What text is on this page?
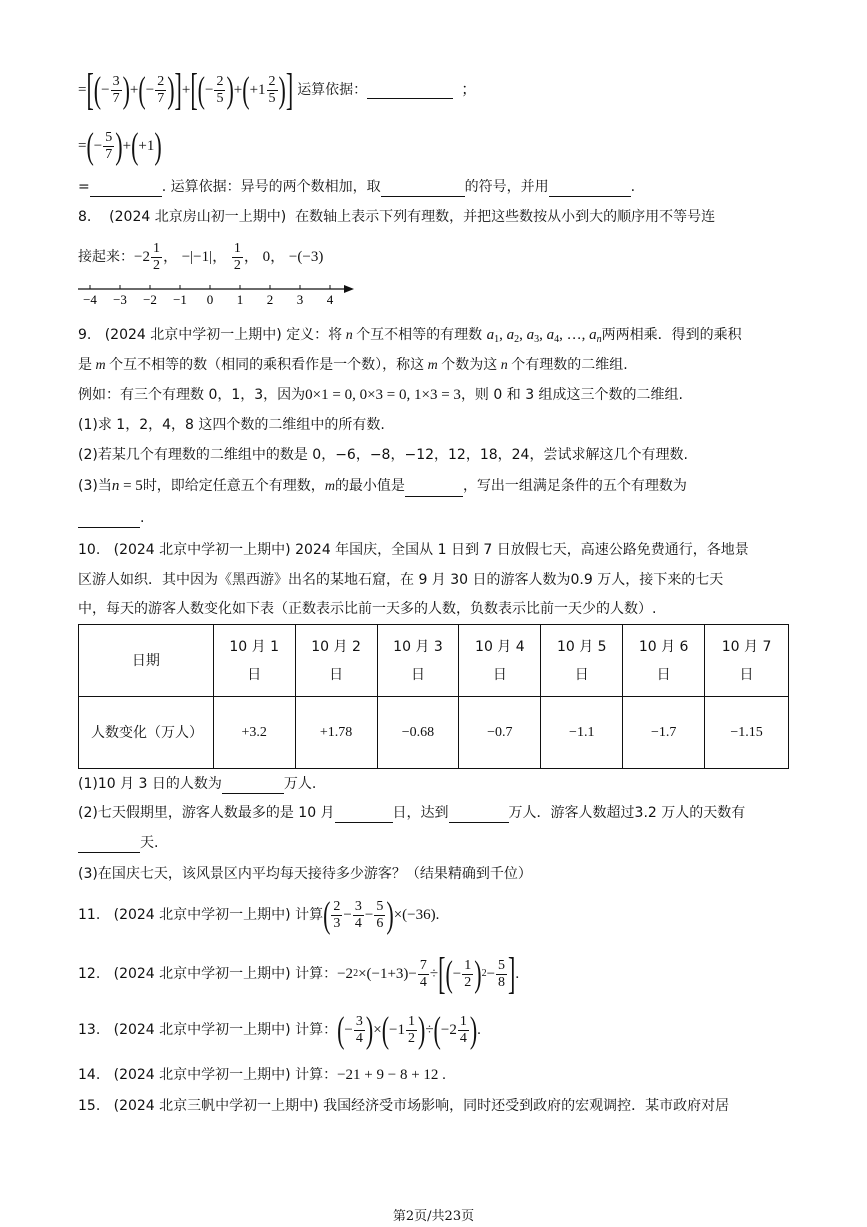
= [ ( − $\frac{3}{7}$ ) + ( − $\frac{2}{7}$ ) ] + [ ( − $\frac{2}{5}$ ) + ( $+1 \frac{2}{5}$ ) ] 运算依据：	；
= ( − $\frac{5}{7}$ ) + ( +1 )
=	. 运算依据：异号的两个数相加，取	的符号，并用	.
8. (2024 北京房山初一上期中) 在数轴上表示下列有理数，并把这些数按从小到大的顺序用不等号连
接起来： $-2 \frac{1}{2}$ ， −|−1|， $\frac{1}{2}$ ， 0， −(−3)
−4 −3 −2 −1 0 1 2 3 4
9. (2024 北京中学初一上期中) 定义：将 n 个互不相等的有理数 $a_1$, $a_2$, $a_3$, $a_4$, …, $a_n$两两相乘．得到的乘积
是 m 个互不相等的数（相同的乘积看作是一个数），称这 m 个数为这 n 个有理数的二维组.
例如：有三个有理数 0，1，3，因为0×1 = 0, 0×3 = 0, 1×3 = 3，则 0 和 3 组成这三个数的二维组.
(1)求 1，2，4，8 这四个数的二维组中的所有数.
(2)若某几个有理数的二维组中的数是 0，−6，−8，−12，12，18，24，尝试求解这几个有理数.
(3)当n = 5时，即给定任意五个有理数，m的最小值是	，写出一组满足条件的五个有理数为
.
10. (2024 北京中学初一上期中) 2024 年国庆，全国从 1 日到 7 日放假七天，高速公路免费通行，各地景
区游人如织．其中因为《黑西游》出名的某地石窟，在 9 月 30 日的游客人数为0.9 万人，接下来的七天
中，每天的游客人数变化如下表（正数表示比前一天多的人数，负数表示比前一天少的人数）.
日期	10 月 1 日	10 月 2 日	10 月 3 日	10 月 4 日	10 月 5 日	10 月 6 日	10 月 7 日
人数变化（万人）	+3.2	+1.78	−0.68	−0.7	−1.1	−1.7	−1.15
(1)10 月 3 日的人数为	万人.
(2)七天假期里，游客人数最多的是 10 月	日，达到	万人．游客人数超过3.2 万人的天数有
天.
(3)在国庆七天，该风景区内平均每天接待多少游客？（结果精确到千位）
11.
(2024 北京中学初一上期中)
计算 ( $\frac{2}{3} - \frac{3}{4} - \frac{5}{6}$ ) ×(−36).
12.
(2024 北京中学初一上期中)
计算： −2 $2 \times(-1+3)- \frac{7}{4}$ ÷ [ ( − $\frac{1}{2}$ ) $2 - \frac{5}{8}$ ] .
13.
(2024 北京中学初一上期中)
计算： ( − $\frac{3}{4}$ ) × ( $-1 \frac{1}{2}$ ) ÷ ( $-2 \frac{1}{4}$ ) .
14. (2024 北京中学初一上期中) 计算：−21 + 9 − 8 + 12 .
15. (2024 北京三帆中学初一上期中) 我国经济受市场影响，同时还受到政府的宏观调控．某市政府对居
第2页/共23页
